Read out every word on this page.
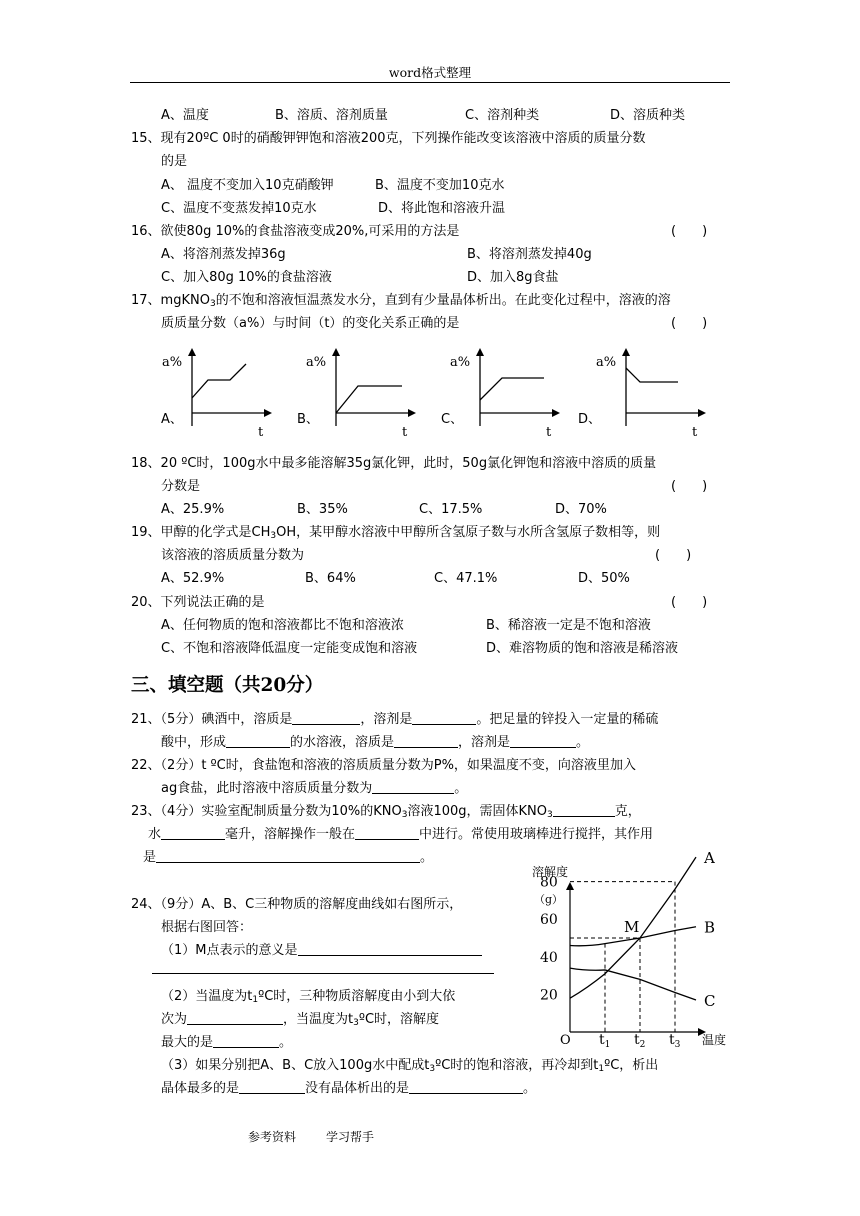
word格式整理
A、温度	B、溶质、溶剂质量	C、溶剂种类	D、溶质种类
15、现有20ºC 0时的硝酸钾钾饱和溶液200克，下列操作能改变该溶液中溶质的质量分数
的是
A、 温度不变加入10克硝酸钾	B、温度不变加10克水
C、温度不变蒸发掉10克水	D、将此饱和溶液升温
16、欲使80g 10%的食盐溶液变成20%,可采用的方法是	(　　)
A、将溶剂蒸发掉36g	B、将溶剂蒸发掉40g
C、加入80g 10%的食盐溶液	D、加入8g食盐
17、mgKNO$_3$的不饱和溶液恒温蒸发水分，直到有少量晶体析出。在此变化过程中，溶液的溶
质质量分数（a%）与时间（t）的变化关系正确的是	(　　)
A、
a%
t
B、
a%
t
C、
a%
t
D、
a%
t
18、20 ºC时，100g水中最多能溶解35g氯化钾，此时，50g氯化钾饱和溶液中溶质的质量
分数是	(　　)
A、25.9%	B、35%	C、17.5%	D、70%
19、甲醇的化学式是$CH_3OH$，某甲醇水溶液中甲醇所含氢原子数与水所含氢原子数相等，则
该溶液的溶质质量分数为	(　　)
A、52.9%	B、64%	C、47.1%	D、50%
20、下列说法正确的是	(　　)
A、任何物质的饱和溶液都比不饱和溶液浓	B、稀溶液一定是不饱和溶液
C、不饱和溶液降低温度一定能变成饱和溶液	D、难溶物质的饱和溶液是稀溶液
三、填空题（共20分）
21、（5分）碘酒中，溶质是	，溶剂是	。把足量的锌投入一定量的稀硫
酸中，形成	的水溶液，溶质是	，溶剂是	。
22、（2分）t ºC时，食盐饱和溶液的溶质质量分数为P%，如果温度不变，向溶液里加入
ag食盐，此时溶液中溶质质量分数为	。
23、（4分）实验室配制质量分数为10%的$KNO_3$溶液100g，需固体$KNO_3$	克，
水	毫升，溶解操作一般在	中进行。常使用玻璃棒进行搅拌，其作用
是	。
24、（9分）A、B、C三种物质的溶解度曲线如右图所示，
根据右图回答：
（1）M点表示的意义是
（2）当温度为$t_1ºC$时，三种物质溶解度由小到大依
次为	，当温度为$t_3ºC$时，溶解度
最大的是	。
（3）如果分别把A、B、C放入100g水中配成$t_3ºC$时的饱和溶液，再冷却到$t_1ºC$，析出
晶体最多的是	没有晶体析出的是	。
溶解度
（g）
温度
O
20
40
60
80
$t_1$ $t_2$ $t_3$
A
B
C
M
参考资料 学习帮手
